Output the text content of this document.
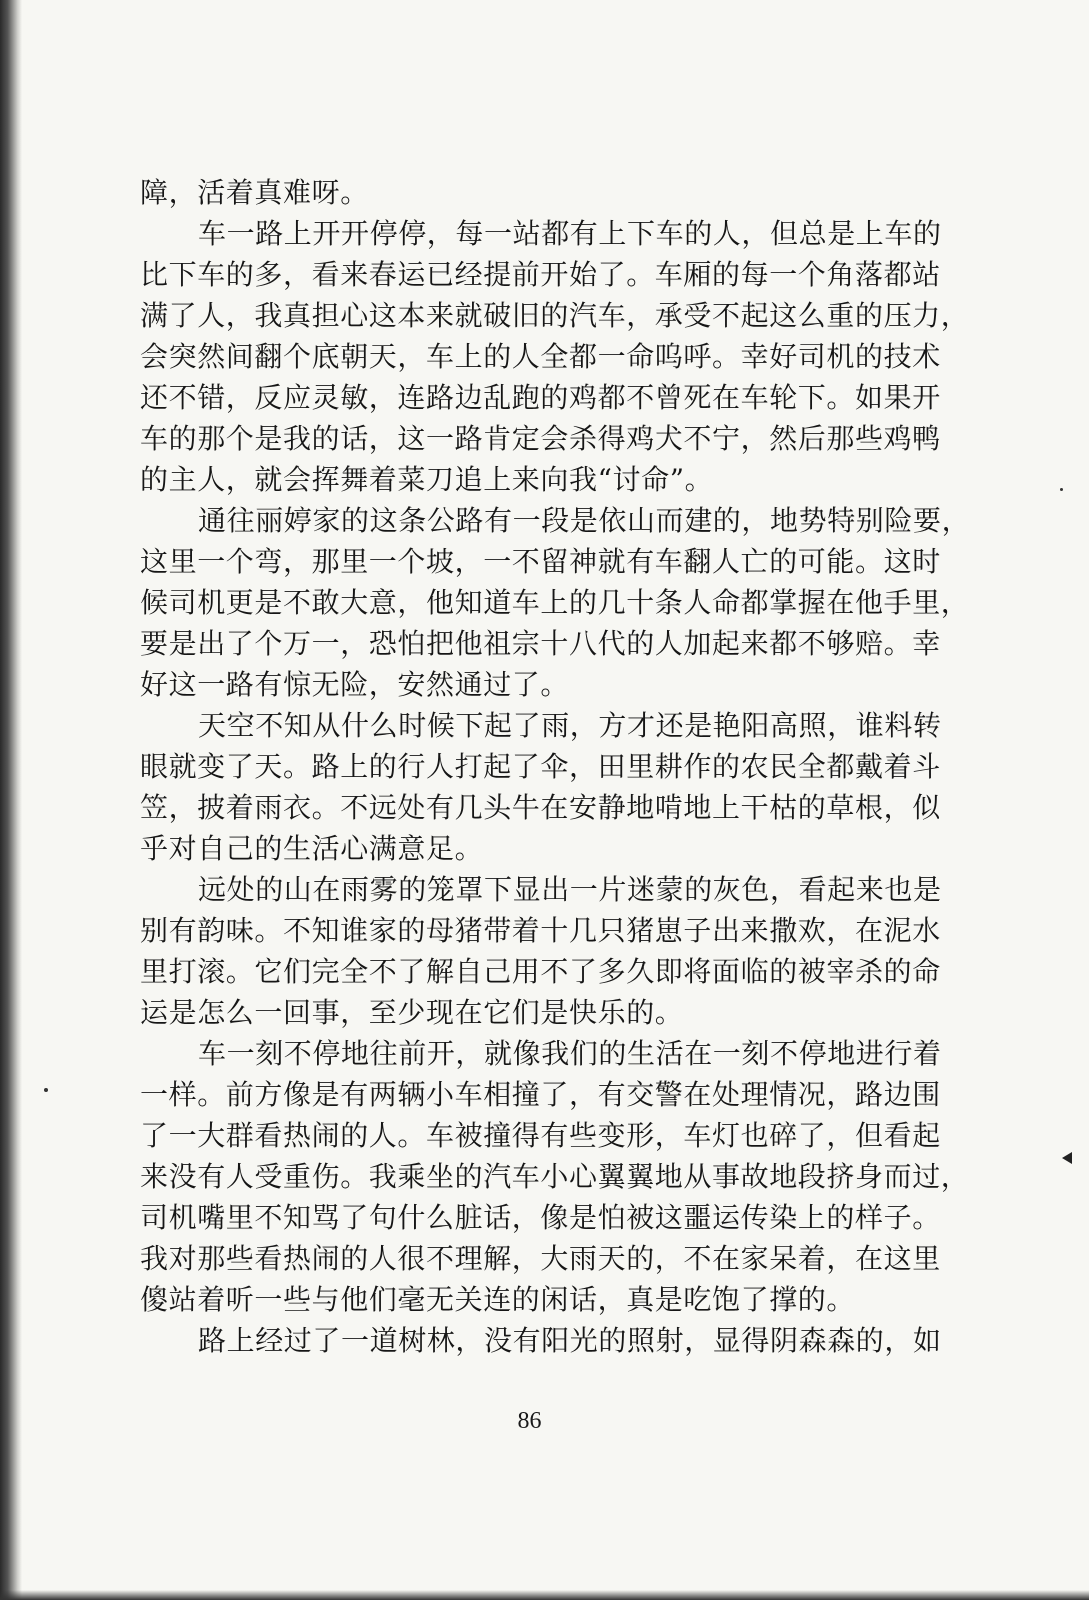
障，活着真难呀。

车一路上开开停停，每一站都有上下车的人，但总是上车的

比下车的多，看来春运已经提前开始了。车厢的每一个角落都站

满了人，我真担心这本来就破旧的汽车，承受不起这么重的压力，

会突然间翻个底朝天，车上的人全都一命呜呼。幸好司机的技术

还不错，反应灵敏，连路边乱跑的鸡都不曾死在车轮下。如果开

车的那个是我的话，这一路肯定会杀得鸡犬不宁，然后那些鸡鸭

的主人，就会挥舞着菜刀追上来向我“讨命”。

通往丽婷家的这条公路有一段是依山而建的，地势特别险要，

这里一个弯，那里一个坡，一不留神就有车翻人亡的可能。这时

候司机更是不敢大意，他知道车上的几十条人命都掌握在他手里，

要是出了个万一，恐怕把他祖宗十八代的人加起来都不够赔。幸

好这一路有惊无险，安然通过了。

天空不知从什么时候下起了雨，方才还是艳阳高照，谁料转

眼就变了天。路上的行人打起了伞，田里耕作的农民全都戴着斗

笠，披着雨衣。不远处有几头牛在安静地啃地上干枯的草根，似

乎对自己的生活心满意足。

远处的山在雨雾的笼罩下显出一片迷蒙的灰色，看起来也是

别有韵味。不知谁家的母猪带着十几只猪崽子出来撒欢，在泥水

里打滚。它们完全不了解自己用不了多久即将面临的被宰杀的命

运是怎么一回事，至少现在它们是快乐的。

车一刻不停地往前开，就像我们的生活在一刻不停地进行着

一样。前方像是有两辆小车相撞了，有交警在处理情况，路边围

了一大群看热闹的人。车被撞得有些变形，车灯也碎了，但看起

来没有人受重伤。我乘坐的汽车小心翼翼地从事故地段挤身而过，

司机嘴里不知骂了句什么脏话，像是怕被这噩运传染上的样子。

我对那些看热闹的人很不理解，大雨天的，不在家呆着，在这里

傻站着听一些与他们毫无关连的闲话，真是吃饱了撑的。

路上经过了一道树林，没有阳光的照射，显得阴森森的，如

86
